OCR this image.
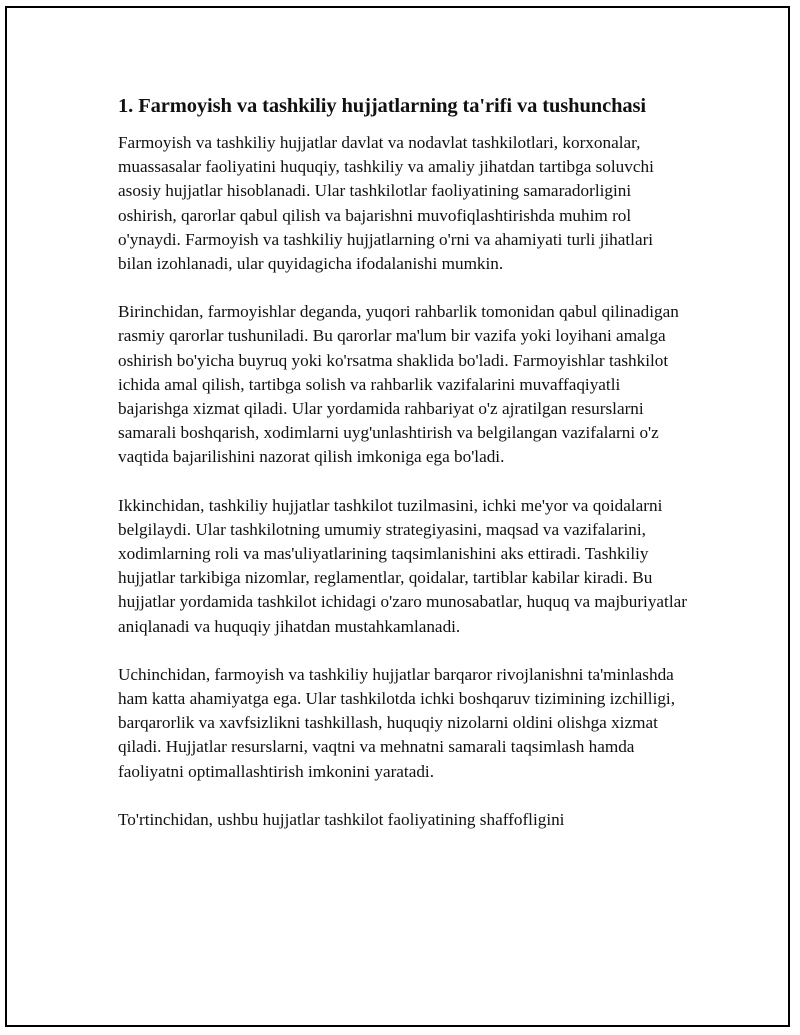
1. Farmoyish va tashkiliy hujjatlarning ta'rifi va tushunchasi

Farmoyish va tashkiliy hujjatlar davlat va nodavlat tashkilotlari, korxonalar, muassasalar faoliyatini huquqiy, tashkiliy va amaliy jihatdan tartibga soluvchi asosiy hujjatlar hisoblanadi. Ular tashkilotlar faoliyatining samaradorligini oshirish, qarorlar qabul qilish va bajarishni muvofiqlashtirishda muhim rol o'ynaydi. Farmoyish va tashkiliy hujjatlarning o'rni va ahamiyati turli jihatlari bilan izohlanadi, ular quyidagicha ifodalanishi mumkin.

Birinchidan, farmoyishlar deganda, yuqori rahbarlik tomonidan qabul qilinadigan rasmiy qarorlar tushuniladi. Bu qarorlar ma'lum bir vazifa yoki loyihani amalga oshirish bo'yicha buyruq yoki ko'rsatma shaklida bo'ladi. Farmoyishlar tashkilot ichida amal qilish, tartibga solish va rahbarlik vazifalarini muvaffaqiyatli bajarishga xizmat qiladi. Ular yordamida rahbariyat o'z ajratilgan resurslarni samarali boshqarish, xodimlarni uyg'unlashtirish va belgilangan vazifalarni o'z vaqtida bajarilishini nazorat qilish imkoniga ega bo'ladi.

Ikkinchidan, tashkiliy hujjatlar tashkilot tuzilmasini, ichki me'yor va qoidalarni belgilaydi. Ular tashkilotning umumiy strategiyasini, maqsad va vazifalarini, xodimlarning roli va mas'uliyatlarining taqsimlanishini aks ettiradi. Tashkiliy hujjatlar tarkibiga nizomlar, reglamentlar, qoidalar, tartiblar kabilar kiradi. Bu hujjatlar yordamida tashkilot ichidagi o'zaro munosabatlar, huquq va majburiyatlar aniqlanadi va huquqiy jihatdan mustahkamlanadi.

Uchinchidan, farmoyish va tashkiliy hujjatlar barqaror rivojlanishni ta'minlashda ham katta ahamiyatga ega. Ular tashkilotda ichki boshqaruv tizimining izchilligi, barqarorlik va xavfsizlikni tashkillash, huquqiy nizolarni oldini olishga xizmat qiladi. Hujjatlar resurslarni, vaqtni va mehnatni samarali taqsimlash hamda faoliyatni optimallashtirish imkonini yaratadi.

To'rtinchidan, ushbu hujjatlar tashkilot faoliyatining shaffofligini
